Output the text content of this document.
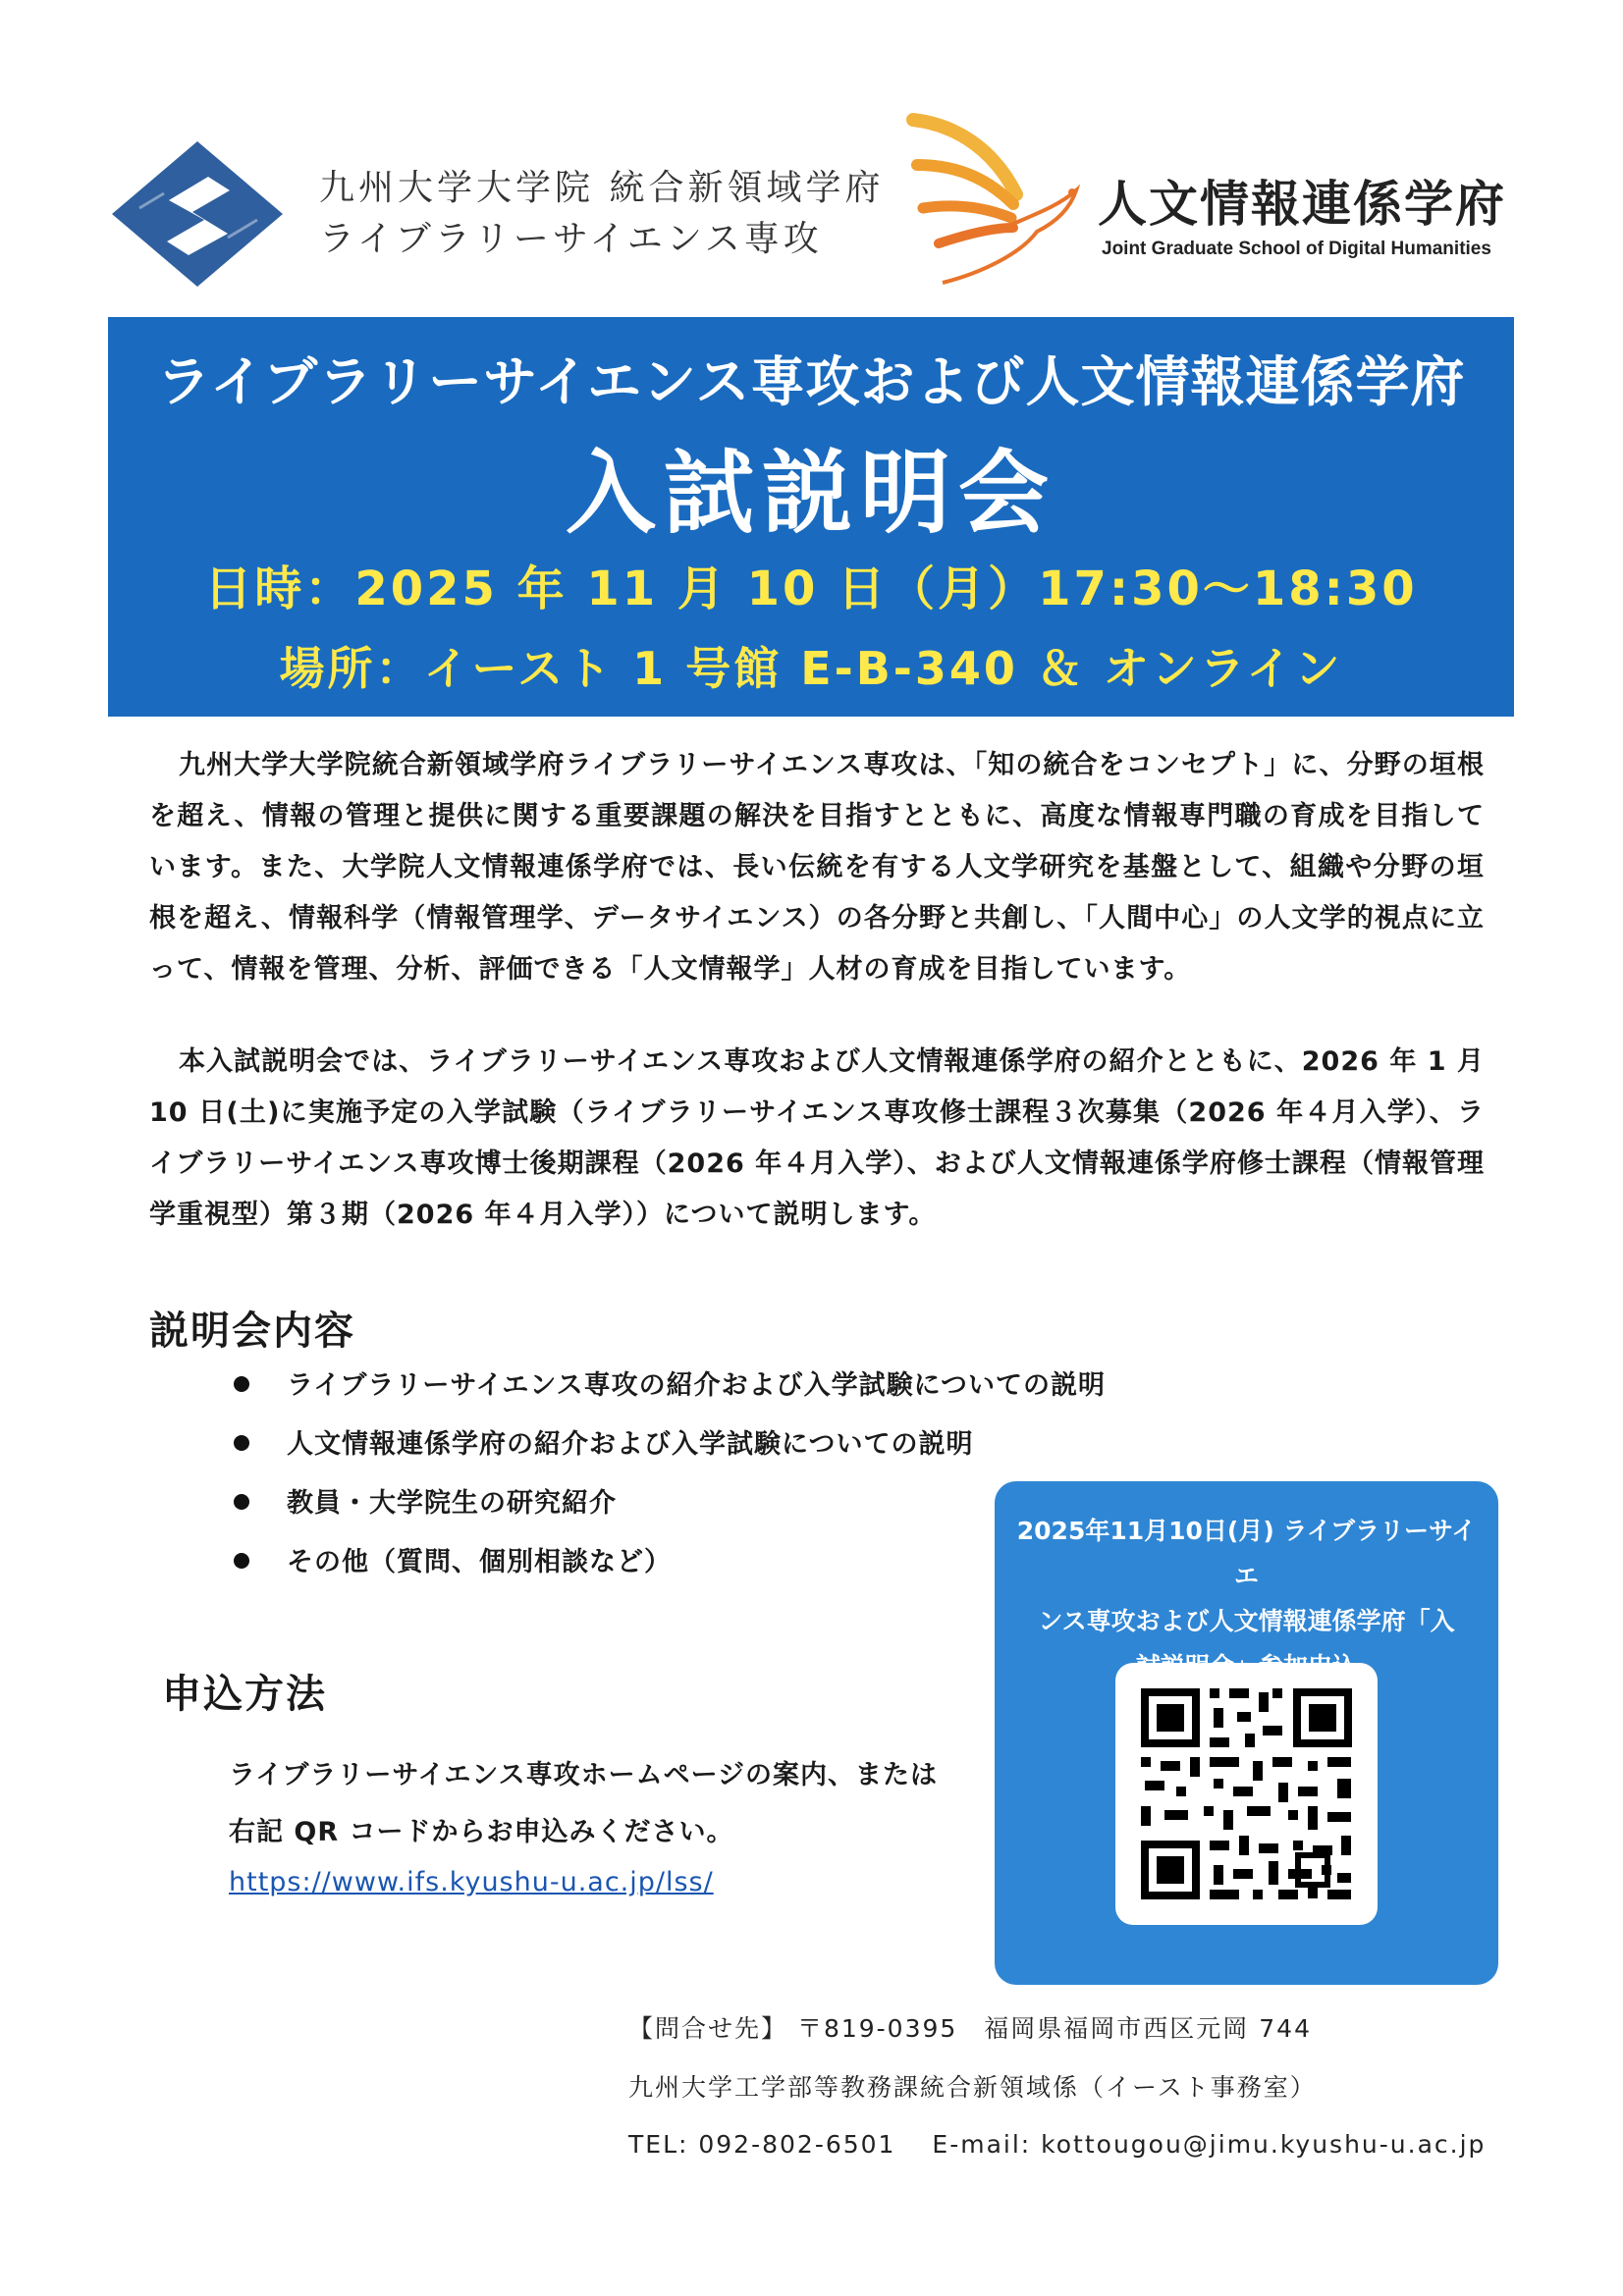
九州大学大学院 統合新領域学府
ライブラリーサイエンス専攻
人文情報連係学府
Joint Graduate School of Digital Humanities
ライブラリーサイエンス専攻および人文情報連係学府
入試説明会
日時：2025 年 11 月 10 日（月）17:30〜18:30
場所：イースト 1 号館 E-B-340 ＆ オンライン
九州大学大学院統合新領域学府ライブラリーサイエンス専攻は、「知の統合をコンセプト」に、分野の垣根を超え、情報の管理と提供に関する重要課題の解決を目指すとともに、高度な情報専門職の育成を目指しています。また、大学院人文情報連係学府では、長い伝統を有する人文学研究を基盤として、組織や分野の垣根を超え、情報科学（情報管理学、データサイエンス）の各分野と共創し、「人間中心」の人文学的視点に立って、情報を管理、分析、評価できる「人文情報学」人材の育成を目指しています。
本入試説明会では、ライブラリーサイエンス専攻および人文情報連係学府の紹介とともに、2026 年 1 月 10 日(土)に実施予定の入学試験（ライブラリーサイエンス専攻修士課程３次募集（2026 年４月入学）、ライブラリーサイエンス専攻博士後期課程（2026 年４月入学）、および人文情報連係学府修士課程（情報管理学重視型）第３期（2026 年４月入学））について説明します。
説明会内容
ライブラリーサイエンス専攻の紹介および入学試験についての説明
人文情報連係学府の紹介および入学試験についての説明
教員・大学院生の研究紹介
その他（質問、個別相談など）
申込方法
ライブラリーサイエンス専攻ホームページの案内、または
右記 QR コードからお申込みください。
https://www.ifs.kyushu-u.ac.jp/lss/
2025年11月10日(月) ライブラリーサイエ
ンス専攻および人文情報連係学府「入
【問合せ先】 〒819-0395　福岡県福岡市西区元岡 744
九州大学工学部等教務課統合新領域係（イースト事務室）
TEL: 092-802-6501　 E-mail: kottougou@jimu.kyushu-u.ac.jp
